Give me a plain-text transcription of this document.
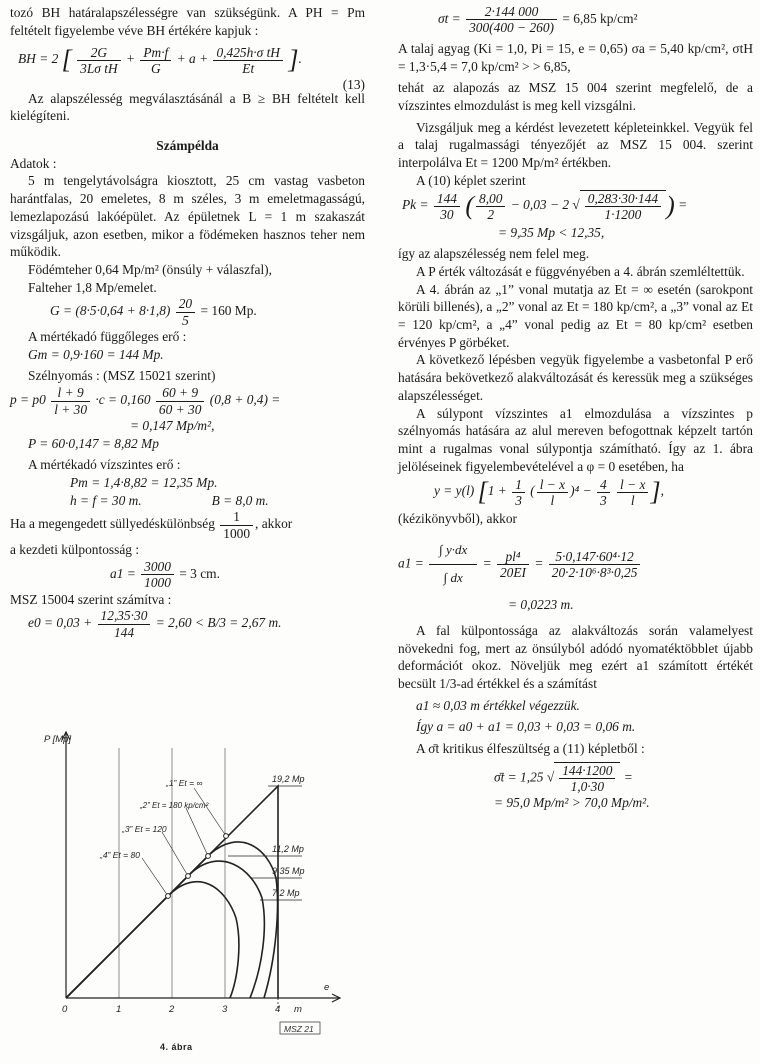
tozó BH határalapszélességre van szükségünk. A PH = Pm feltételt figyelembe véve BH értékére kapjuk :

BH = 2 [ $\frac{2G}{\text{3Lσ tH}} + \frac{Pm\cdot f}{G} + a + \frac{\text{0,425h·σ tH}}{Et}$ ].
(13)

Az alapszélesség megválasztásánál a B ≥ BH feltételt kell kielégíteni.

Számpélda

Adatok :

5 m tengelytávolságra kiosztott, 25 cm vastag vasbeton harántfalas, 20 emeletes, 8 m széles, 3 m emeletmagasságú, lemezlapozású lakóépület. Az épületnek L = 1 m szakaszát vizsgáljuk, azon esetben, mikor a födémeken hasznos teher nem működik.

Födémteher 0,64 Mp/m² (önsúly + válaszfal),

Falteher 1,8 Mp/emelet.

$G = (8\cdot 5\cdot 0,64 + 8\cdot 1,8) \frac{20}{5} = 160$ Mp.

A mértékadó függőleges erő :

Gm = 0,9·160 = 144 Mp.

Szélnyomás : (MSZ 15021 szerint)

$p = p0 \frac{l + 9}{l + 30} \cdot c = 0,160 \frac{60 + 9}{60 + 30} (0,8 + 0,4)$ =

= 0,147 Mp/m²,

P = 60·0,147 = 8,82 Mp

A mértékadó vízszintes erő :

Pm = 1,4·8,82 = 12,35 Mp.

h = f = 30 m.	B = 8,0 m.

Ha a megengedett süllyedéskülönbség $\frac{1}{1000}$ , akkor

a kezdeti külpontosság :

$a1 = \frac{3000}{1000} = 3$ cm.

MSZ 15004 szerint számítva :

$e0 = 0,03 + \frac{12,35\cdot 30}{144} = 2,60 < B/3 = 2,67$ m.
P [Mp]
e
0	1	2	3	4 m
„1” Et = ∞
„2” Et = 180 kp/cm²
„3” Et = 120
„4” Et = 80
19,2 Mp
11,2 Mp
9,35 Mp
7,2 Mp
MSZ 21
4. ábra
$\sigma t = \frac{2\cdot 144 000}{300(400 - 260)} = 6,85$ kp/cm²

A talaj agyag (Ki = 1,0, Pi = 15, e = 0,65) σa = 5,40 kp/cm², σtH = 1,3·5,4 = 7,0 kp/cm² > > 6,85,

tehát az alapozás az MSZ 15 004 szerint megfelelő, de a vízszintes elmozdulást is meg kell vizsgálni.

Vizsgáljuk meg a kérdést levezetett képleteinkkel. Vegyük fel a talaj rugalmassági tényezőjét az MSZ 15 004. szerint interpolálva Et = 1200 Mp/m² értékben.

A (10) képlet szerint

$Pk = \frac{144}{30}$ ( $\frac{8,00}{2} - 0,03 - 2$ √ $\frac{0,283\cdot 30\cdot 144}{1\cdot 1200}$ ) =

= 9,35 Mp < 12,35,

így az alapszélesség nem felel meg.

A P érték változását e függvényében a 4. ábrán szemléltettük.

A 4. ábrán az „1” vonal mutatja az Et = ∞ esetén (sarokpont körüli billenés), a „2” vonal az Et = 180 kp/cm², a „3” vonal az Et = 120 kp/cm², a „4” vonal pedig az Et = 80 kp/cm² esetben érvényes P görbéket.

A következő lépésben vegyük figyelembe a vasbetonfal P erő hatására bekövetkező alakváltozását és keressük meg a szükséges alapszélességet.

A súlypont vízszintes a1 elmozdulása a vízszintes p szélnyomás hatására az alul mereven befogottnak képzelt tartón mint a rugalmas vonal súlypontja számítható. Így az 1. ábra jelöléseinek figyelembevételével a φ = 0 esetében, ha

y = y(l) [$1 + \frac{1}{3}$ ( $\frac{l - x}{l} )^4 - \frac{4}{3}$
$\frac{l - x}{l}$ ],

(kézikönyvből), akkor

$a1 = \frac{\int y\cdot dx}{\int dx} = \frac{\text{pl⁴}}{20EI} = \frac{\text{5·0,147·60⁴·12}}{\text{20·2·10⁶·8³·0,25}}$

= 0,0223 m.

A fal külpontossága az alakváltozás során valamelyest növekedni fog, mert az önsúlyból adódó nyomatéktöbblet újabb deformációt okoz. Növeljük meg ezért a1 számított értékét becsült 1/3-ad értékkel és a számítást

a1 ≈ 0,03 m értékkel végezzük.

Így a = a0 + a1 = 0,03 + 0,03 = 0,06 m.

A σ̄t kritikus élfeszültség a (11) képletből :

σ̄t = 1,25 √ $\frac{144\cdot 1200}{1,0\cdot 30}$ =

= 95,0 Mp/m² > 70,0 Mp/m².
